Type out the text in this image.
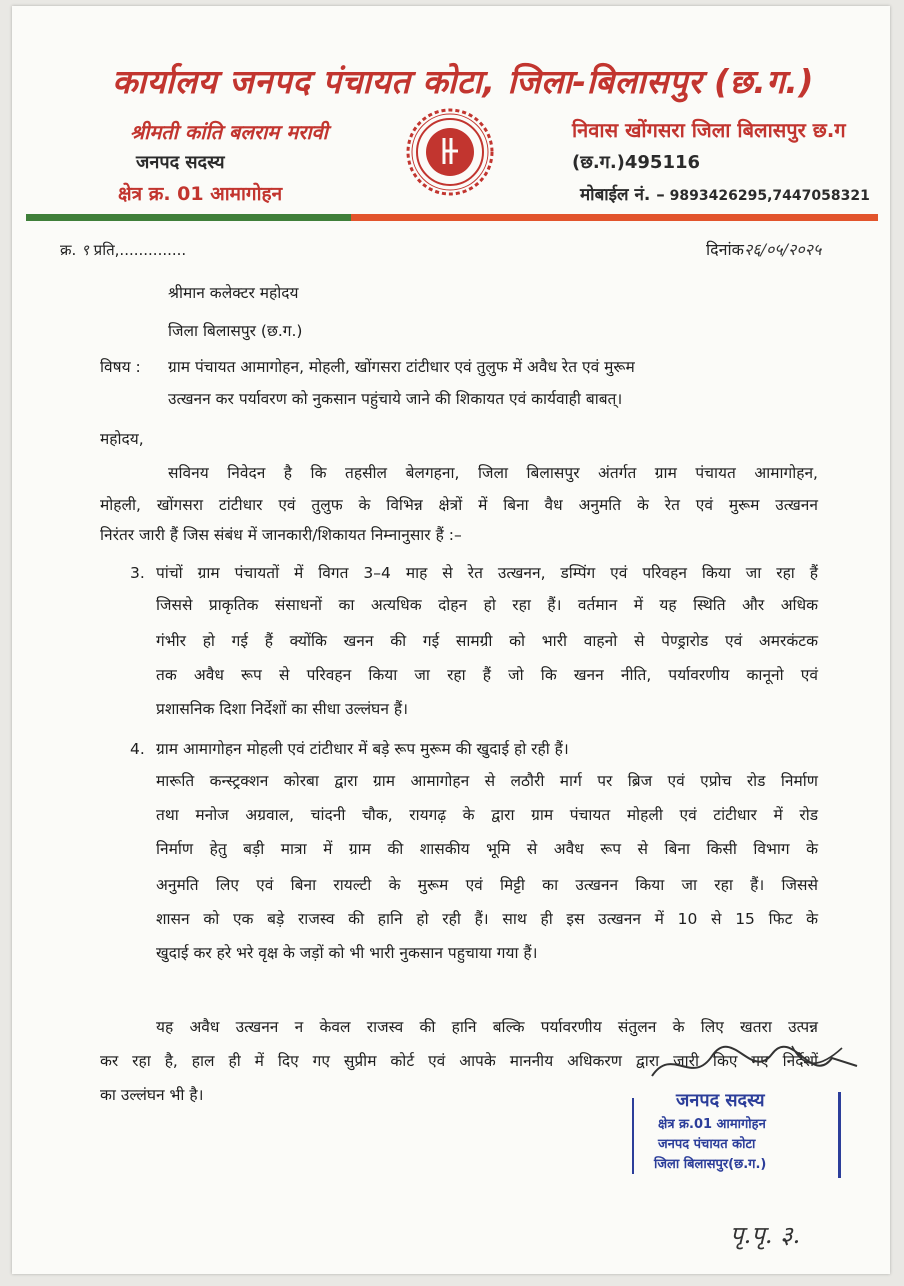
कार्यालय जनपद पंचायत कोटा, जिला-बिलासपुर (छ.ग.)
श्रीमती कांति बलराम मरावी
जनपद सदस्य
क्षेत्र क्र. 01 आमागोहन
निवास खोंगसरा जिला बिलासपुर छ.ग
(छ.ग.)495116
मोबाईल नं. – 9893426295,7447058321
क्र. ९ प्रति,..............	दिनांक२६/०५/२०२५
श्रीमान कलेक्टर महोदय
जिला बिलासपुर (छ.ग.)
विषय : ग्राम पंचायत आमागोहन, मोहली, खोंगसरा टांटीधार एवं तुलुफ में अवैध रेत एवं मुरूम
उत्खनन कर पर्यावरण को नुकसान पहुंचाये जाने की शिकायत एवं कार्यवाही बाबत्।
महोदय,
सविनय निवेदन है कि तहसील बेलगहना, जिला बिलासपुर अंतर्गत ग्राम पंचायत आमागोहन,
मोहली, खोंगसरा टांटीधार एवं तुलुफ के विभिन्न क्षेत्रों में बिना वैध अनुमति के रेत एवं मुरूम उत्खनन
निरंतर जारी हैं जिस संबंध में जानकारी/शिकायत निम्नानुसार हैं :–
3. पांचों ग्राम पंचायतों में विगत 3–4 माह से रेत उत्खनन, डम्पिंग एवं परिवहन किया जा रहा हैं
जिससे प्राकृतिक संसाधनों का अत्यधिक दोहन हो रहा हैं। वर्तमान में यह स्थिति और अधिक
गंभीर हो गई हैं क्योंकि खनन की गई सामग्री को भारी वाहनो से पेण्ड्रारोड एवं अमरकंटक
तक अवैध रूप से परिवहन किया जा रहा हैं जो कि खनन नीति, पर्यावरणीय कानूनो एवं
प्रशासनिक दिशा निर्देशों का सीधा उल्लंघन हैं।
4. ग्राम आमागोहन मोहली एवं टांटीधार में बड़े रूप मुरूम की खुदाई हो रही हैं।
मारूति कन्स्ट्रक्शन कोरबा द्वारा ग्राम आमागोहन से लठौरी मार्ग पर ब्रिज एवं एप्रोच रोड निर्माण
तथा मनोज अग्रवाल, चांदनी चौक, रायगढ़ के द्वारा ग्राम पंचायत मोहली एवं टांटीधार में रोड
निर्माण हेतु बड़ी मात्रा में ग्राम की शासकीय भूमि से अवैध रूप से बिना किसी विभाग के
अनुमति लिए एवं बिना रायल्टी के मुरूम एवं मिट्टी का उत्खनन किया जा रहा हैं। जिससे
शासन को एक बड़े राजस्व की हानि हो रही हैं। साथ ही इस उत्खनन में 10 से 15 फिट के
खुदाई कर हरे भरे वृक्ष के जड़ों को भी भारी नुकसान पहुचाया गया हैं।
यह अवैध उत्खनन न केवल राजस्व की हानि बल्कि पर्यावरणीय संतुलन के लिए खतरा उत्पन्न
कर रहा है, हाल ही में दिए गए सुप्रीम कोर्ट एवं आपके माननीय अधिकरण द्वारा जारी किए गए निर्देशों
का उल्लंघन भी है।	जनपद सदस्य
क्षेत्र क्र.01 आमागोहन
जनपद पंचायत कोटा
जिला बिलासपुर(छ.ग.)
पृ.पृ. ३.
